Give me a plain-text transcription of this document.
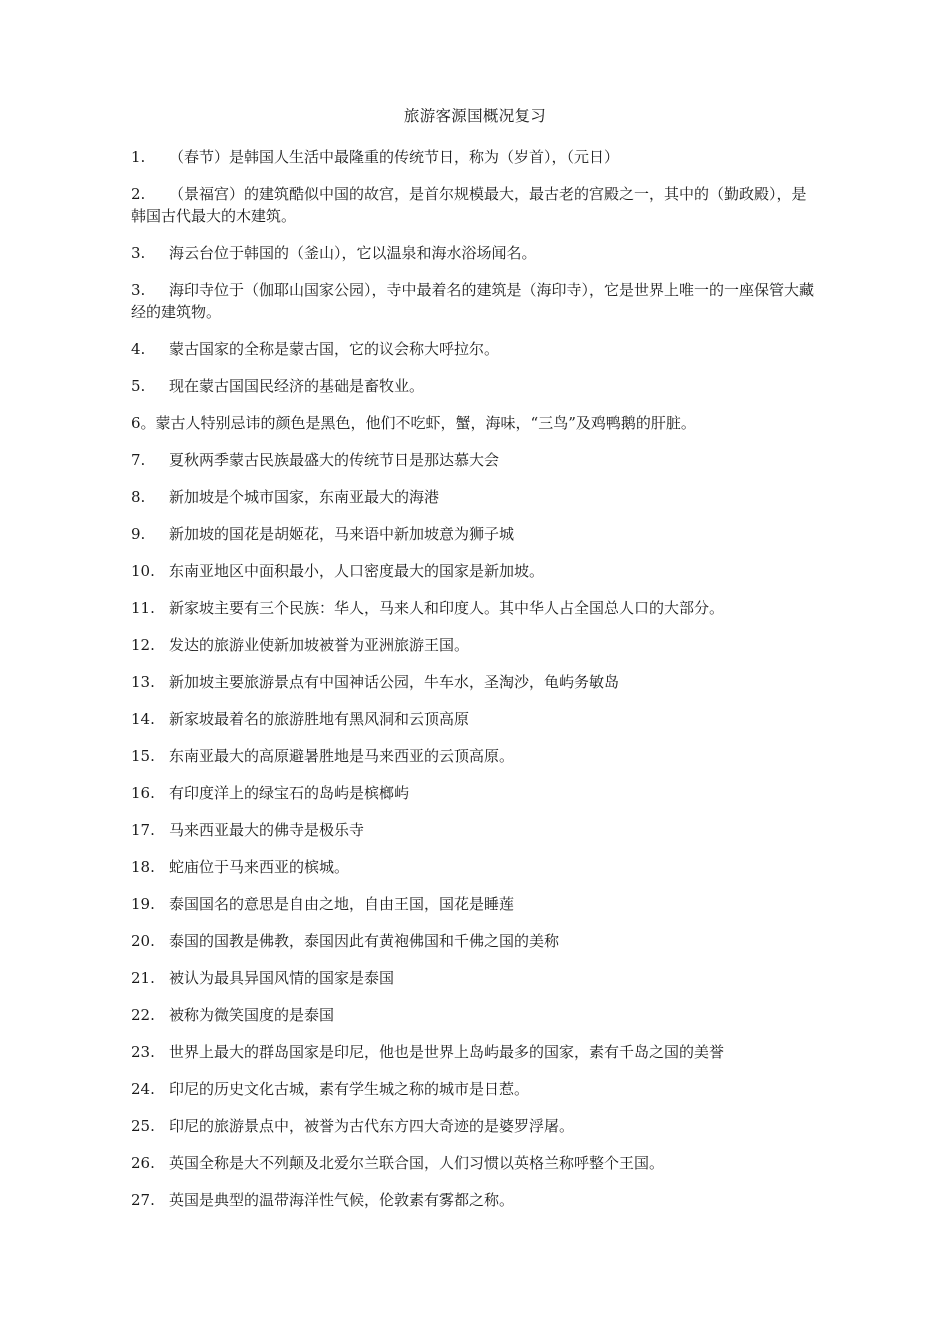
旅游客源国概况复习
1. （春节）是韩国人生活中最隆重的传统节日，称为（岁首），（元日）
2. （景福宫）的建筑酷似中国的故宫，是首尔规模最大，最古老的宫殿之一，其中的（勤政殿），是韩国古代最大的木建筑。
3. 海云台位于韩国的（釜山），它以温泉和海水浴场闻名。
3. 海印寺位于（伽耶山国家公园），寺中最着名的建筑是（海印寺），它是世界上唯一的一座保管大藏经的建筑物。
4. 蒙古国家的全称是蒙古国，它的议会称大呼拉尔。
5. 现在蒙古国国民经济的基础是畜牧业。
6。蒙古人特别忌讳的颜色是黑色，他们不吃虾，蟹，海味，“三鸟”及鸡鸭鹅的肝脏。
7. 夏秋两季蒙古民族最盛大的传统节日是那达慕大会
8. 新加坡是个城市国家，东南亚最大的海港
9. 新加坡的国花是胡姬花，马来语中新加坡意为狮子城
10. 东南亚地区中面积最小，人口密度最大的国家是新加坡。
11. 新家坡主要有三个民族：华人，马来人和印度人。其中华人占全国总人口的大部分。
12. 发达的旅游业使新加坡被誉为亚洲旅游王国。
13. 新加坡主要旅游景点有中国神话公园，牛车水，圣淘沙，龟屿务敏岛
14. 新家坡最着名的旅游胜地有黑风洞和云顶高原
15. 东南亚最大的高原避暑胜地是马来西亚的云顶高原。
16. 有印度洋上的绿宝石的岛屿是槟榔屿
17. 马来西亚最大的佛寺是极乐寺
18. 蛇庙位于马来西亚的槟城。
19. 泰国国名的意思是自由之地，自由王国，国花是睡莲
20. 泰国的国教是佛教，泰国因此有黄袍佛国和千佛之国的美称
21. 被认为最具异国风情的国家是泰国
22. 被称为微笑国度的是泰国
23. 世界上最大的群岛国家是印尼，他也是世界上岛屿最多的国家，素有千岛之国的美誉
24. 印尼的历史文化古城，素有学生城之称的城市是日惹。
25. 印尼的旅游景点中，被誉为古代东方四大奇迹的是婆罗浮屠。
26. 英国全称是大不列颠及北爱尔兰联合国，人们习惯以英格兰称呼整个王国。
27. 英国是典型的温带海洋性气候，伦敦素有雾都之称。
